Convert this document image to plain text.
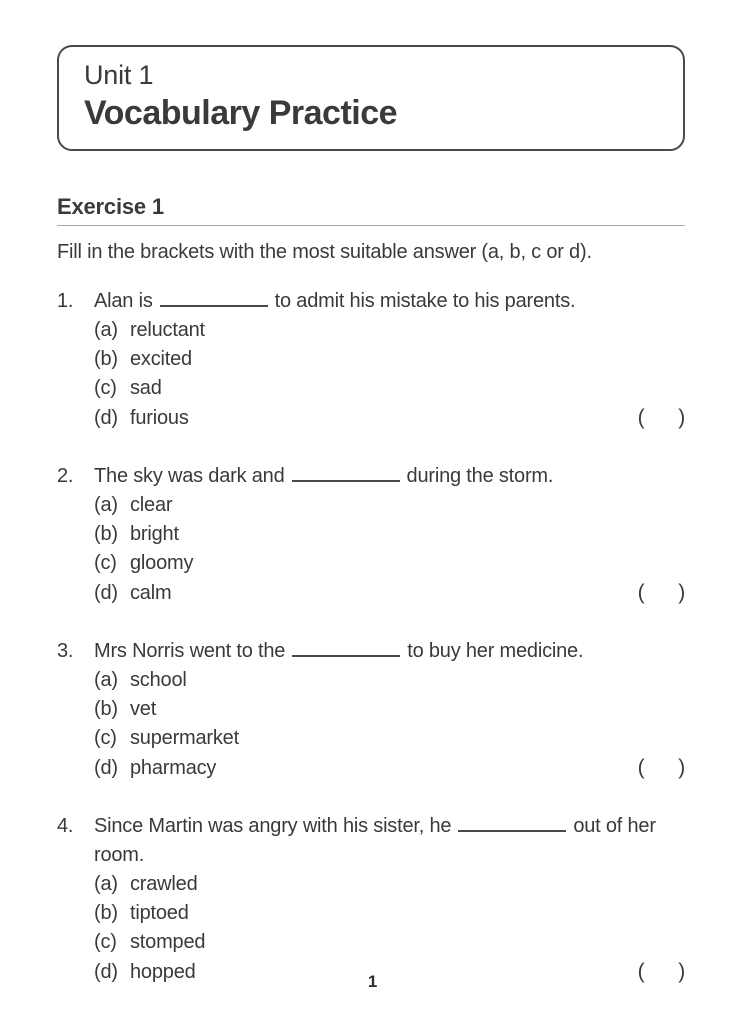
Unit 1
Vocabulary Practice
Exercise 1
Fill in the brackets with the most suitable answer (a, b, c or d).
1.	Alan is	to admit his mistake to his parents.
(a) reluctant
(b) excited
(c) sad
(d) furious	(      )
2.	The sky was dark and	during the storm.
(a) clear
(b) bright
(c) gloomy
(d) calm	(      )
3.	Mrs Norris went to the	to buy her medicine.
(a) school
(b) vet
(c) supermarket
(d) pharmacy	(      )
4.	Since Martin was angry with his sister, he	out of her room.
(a) crawled
(b) tiptoed
(c) stomped
(d) hopped	(      )
1
